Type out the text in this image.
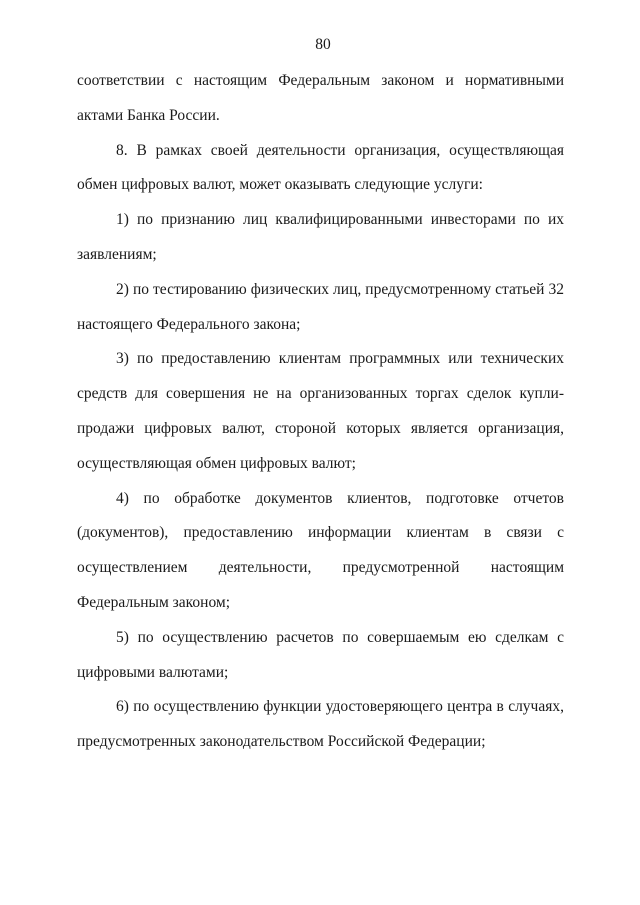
80

соответствии с настоящим Федеральным законом и нормативными актами Банка России.

8. В рамках своей деятельности организация, осуществляющая обмен цифровых валют, может оказывать следующие услуги:

1) по признанию лиц квалифицированными инвесторами по их заявлениям;

2) по тестированию физических лиц, предусмотренному статьей 32 настоящего Федерального закона;

3) по предоставлению клиентам программных или технических средств для совершения не на организованных торгах сделок купли-продажи цифровых валют, стороной которых является организация, осуществляющая обмен цифровых валют;

4) по обработке документов клиентов, подготовке отчетов (документов), предоставлению информации клиентам в связи с осуществлением деятельности, предусмотренной настоящим Федеральным законом;

5) по осуществлению расчетов по совершаемым ею сделкам с цифровыми валютами;

6) по осуществлению функции удостоверяющего центра в случаях, предусмотренных законодательством Российской Федерации;
